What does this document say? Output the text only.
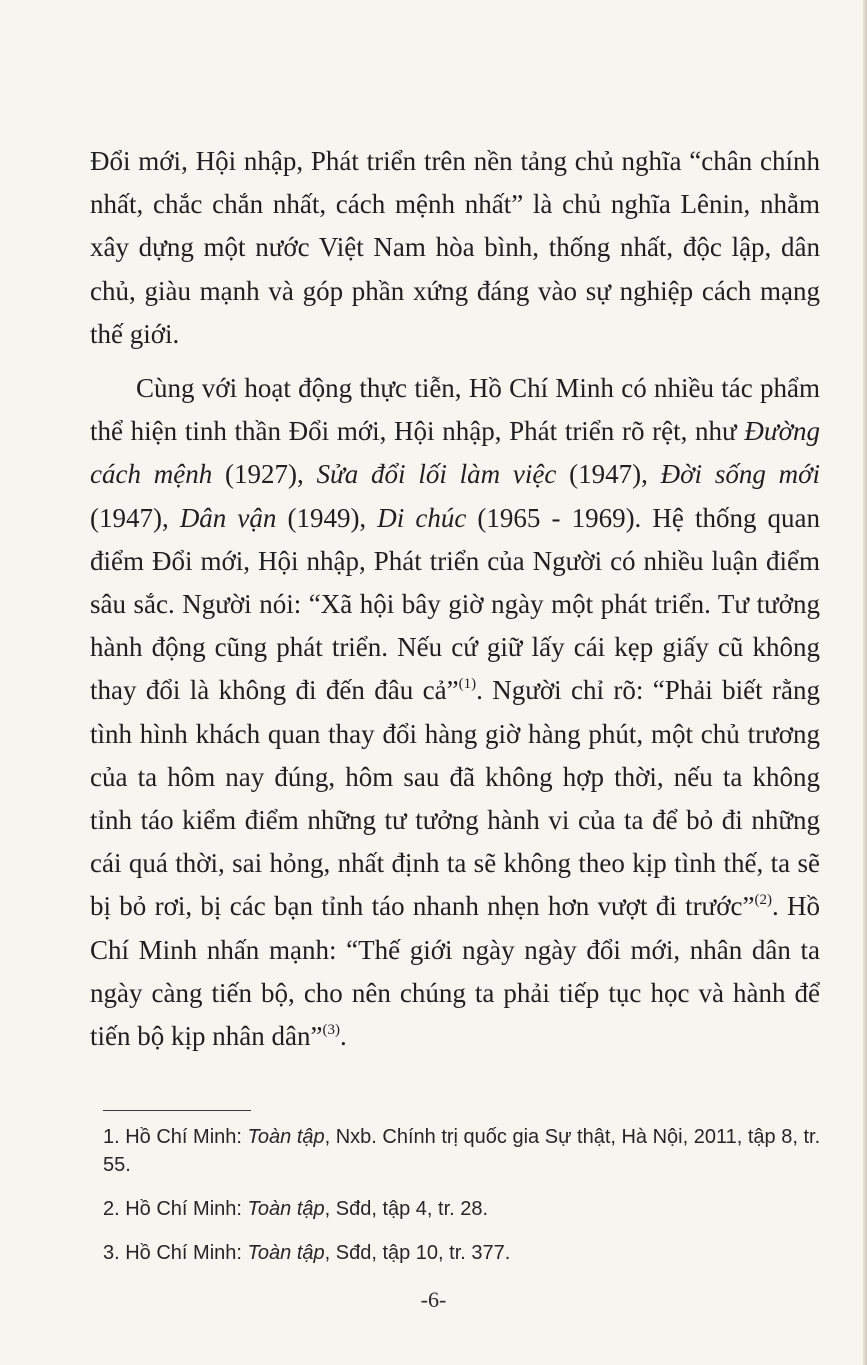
Đổi mới, Hội nhập, Phát triển trên nền tảng chủ nghĩa “chân chính nhất, chắc chắn nhất, cách mệnh nhất” là chủ nghĩa Lênin, nhằm xây dựng một nước Việt Nam hòa bình, thống nhất, độc lập, dân chủ, giàu mạnh và góp phần xứng đáng vào sự nghiệp cách mạng thế giới.

Cùng với hoạt động thực tiễn, Hồ Chí Minh có nhiều tác phẩm thể hiện tinh thần Đổi mới, Hội nhập, Phát triển rõ rệt, như Đường cách mệnh (1927), Sửa đổi lối làm việc (1947), Đời sống mới (1947), Dân vận (1949), Di chúc (1965 - 1969). Hệ thống quan điểm Đổi mới, Hội nhập, Phát triển của Người có nhiều luận điểm sâu sắc. Người nói: “Xã hội bây giờ ngày một phát triển. Tư tưởng hành động cũng phát triển. Nếu cứ giữ lấy cái kẹp giấy cũ không thay đổi là không đi đến đâu cả”$^{(1)}$. Người chỉ rõ: “Phải biết rằng tình hình khách quan thay đổi hàng giờ hàng phút, một chủ trương của ta hôm nay đúng, hôm sau đã không hợp thời, nếu ta không tỉnh táo kiểm điểm những tư tưởng hành vi của ta để bỏ đi những cái quá thời, sai hỏng, nhất định ta sẽ không theo kịp tình thế, ta sẽ bị bỏ rơi, bị các bạn tỉnh táo nhanh nhẹn hơn vượt đi trước”$^{(2)}$. Hồ Chí Minh nhấn mạnh: “Thế giới ngày ngày đổi mới, nhân dân ta ngày càng tiến bộ, cho nên chúng ta phải tiếp tục học và hành để tiến bộ kịp nhân dân”$^{(3)}$.

1. Hồ Chí Minh: Toàn tập, Nxb. Chính trị quốc gia Sự thật, Hà Nội, 2011, tập 8, tr. 55.

2. Hồ Chí Minh: Toàn tập, Sđd, tập 4, tr. 28.

3. Hồ Chí Minh: Toàn tập, Sđd, tập 10, tr. 377.

-6-
